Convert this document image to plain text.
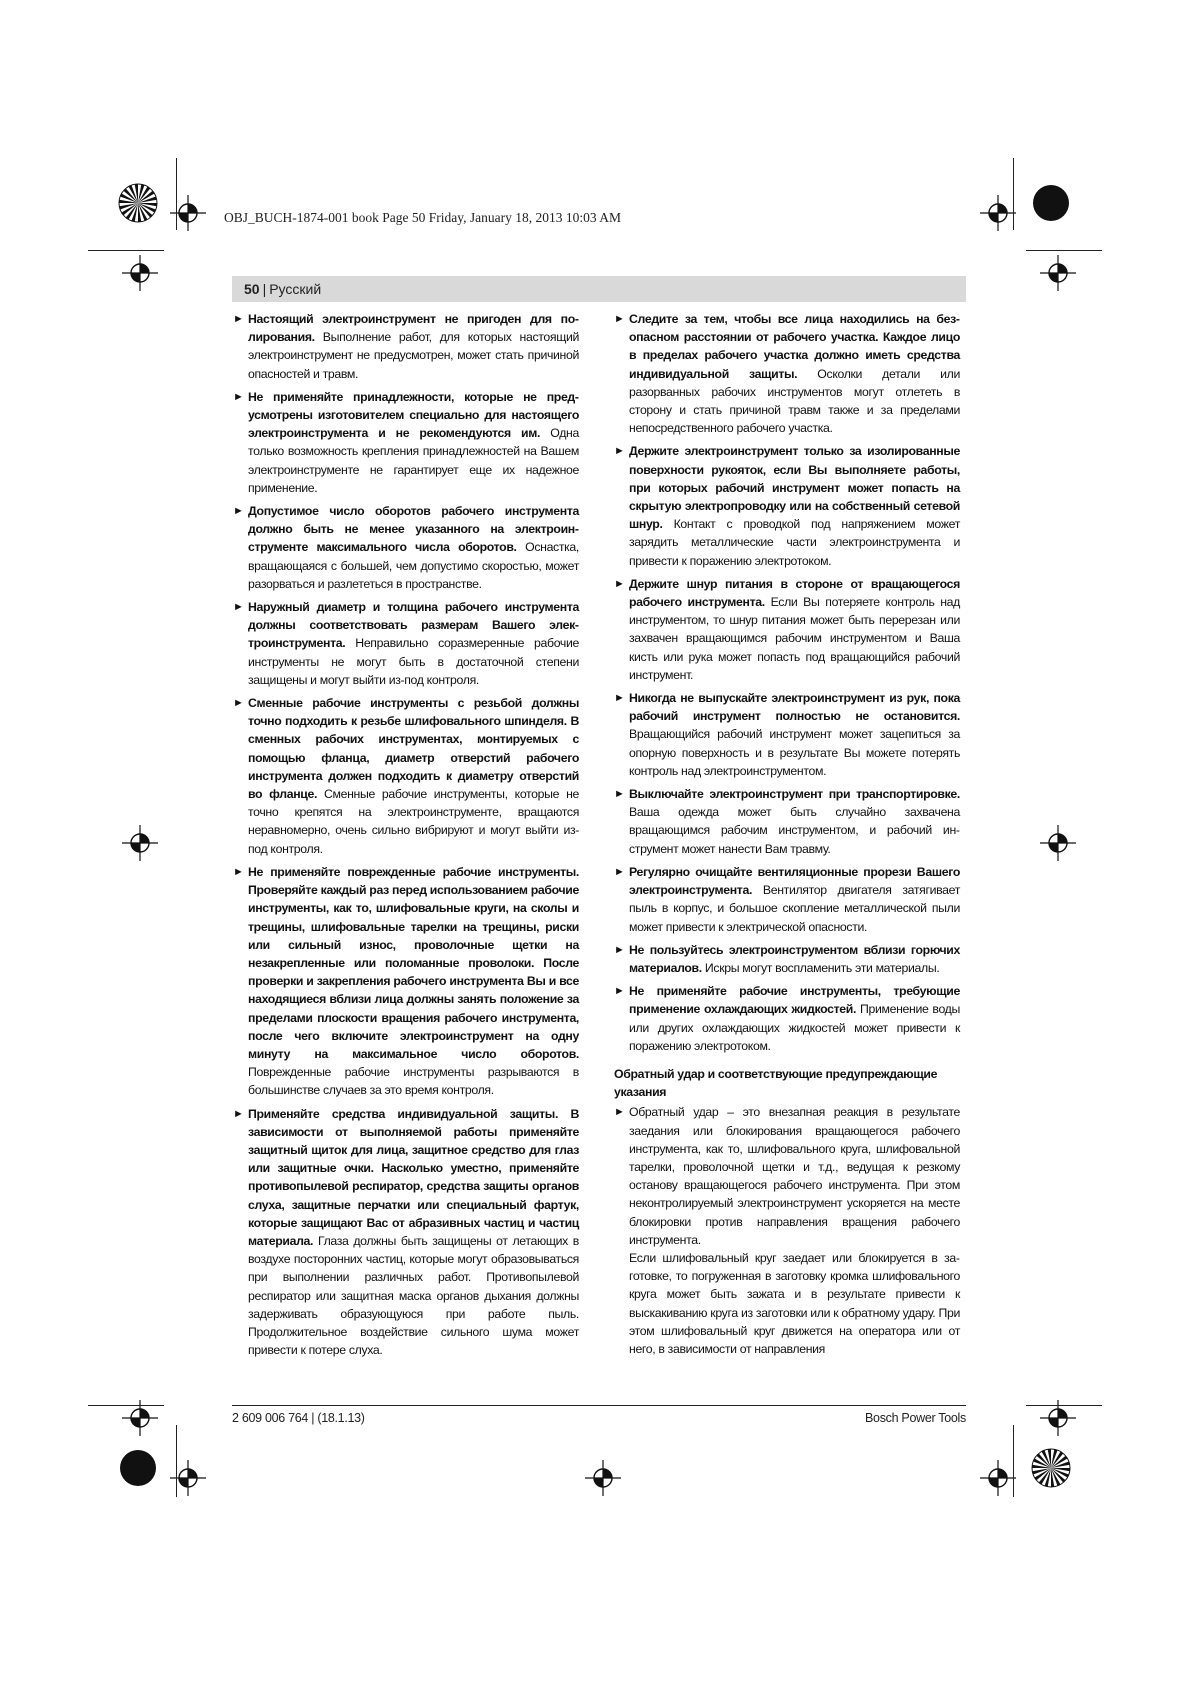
OBJ_BUCH-1874-001 book Page 50 Friday, January 18, 2013 10:03 AM
50 | Русский

► Настоящий электроинструмент не пригоден для полирования. Выполнение работ, для которых настоящий электроинструмент не предусмотрен, может стать причиной опасностей и травм.

► Не применяйте принадлежности, которые не предусмотрены изготовителем специально для настоящего электроинструмента и не рекомендуются им. Одна только возможность крепления принадлежностей на Вашем электроинструменте не гарантирует еще их надежное применение.

► Допустимое число оборотов рабочего инструмента должно быть не менее указанного на электроинструменте максимального числа оборотов. Оснастка, вращающаяся с большей, чем допустимо скоростью, может разорваться и разлететься в пространстве.

► Наружный диаметр и толщина рабочего инструмента должны соответствовать размерам Вашего электроинструмента. Неправильно соразмеренные рабочие инструменты не могут быть в достаточной степени защищены и могут выйти из-под контроля.

► Сменные рабочие инструменты с резьбой должны точно подходить к резьбе шлифовального шпинделя. В сменных рабочих инструментах, монтируемых с помощью фланца, диаметр отверстий рабочего инструмента должен подходить к диаметру отверстий во фланце. Сменные рабочие инструменты, которые не точно крепятся на электроинструменте, вращаются неравномерно, очень сильно вибрируют и могут выйти из-под контроля.

► Не применяйте поврежденные рабочие инструменты. Проверяйте каждый раз перед использованием рабочие инструменты, как то, шлифовальные круги, на сколы и трещины, шлифовальные тарелки на трещины, риски или сильный износ, проволочные щетки на незакрепленные или поломанные проволоки. После проверки и закрепления рабочего инструмента Вы и все находящиеся вблизи лица должны занять положение за пределами плоскости вращения рабочего инструмента, после чего включите электроинструмент на одну минуту на максимальное число оборотов. Поврежденные рабочие инструменты разрываются в большинстве случаев за это время контроля.

► Применяйте средства индивидуальной защиты. В зависимости от выполняемой работы применяйте защитный щиток для лица, защитное средство для глаз или защитные очки. Насколько уместно, применяйте противопылевой респиратор, средства защиты органов слуха, защитные перчатки или специальный фартук, которые защищают Вас от абразивных частиц и частиц материала. Глаза должны быть защищены от летающих в воздухе посторонних частиц, которые могут образовываться при выполнении различных работ. Противопылевой респиратор или защитная маска органов дыхания должны задерживать образующуюся при работе пыль. Продолжительное воздействие сильного шума может привести к потере слуха.

► Следите за тем, чтобы все лица находились на безопасном расстоянии от рабочего участка. Каждое лицо в пределах рабочего участка должно иметь средства индивидуальной защиты. Осколки детали или разорванных рабочих инструментов могут отлететь в сторону и стать причиной травм также и за пределами непосредственного рабочего участка.

► Держите электроинструмент только за изолированные поверхности рукояток, если Вы выполняете работы, при которых рабочий инструмент может попасть на скрытую электропроводку или на собственный сетевой шнур. Контакт с проводкой под напряжением может зарядить металлические части электроинструмента и привести к поражению электротоком.

► Держите шнур питания в стороне от вращающегося рабочего инструмента. Если Вы потеряете контроль над инструментом, то шнур питания может быть перерезан или захвачен вращающимся рабочим инструментом и Ваша кисть или рука может попасть под вращающийся рабочий инструмент.

► Никогда не выпускайте электроинструмент из рук, пока рабочий инструмент полностью не остановится. Вращающийся рабочий инструмент может зацепиться за опорную поверхность и в результате Вы можете потерять контроль над электроинструментом.

► Выключайте электроинструмент при транспортировке. Ваша одежда может быть случайно захвачена вращающимся рабочим инструментом, и рабочий инструмент может нанести Вам травму.

► Регулярно очищайте вентиляционные прорези Вашего электроинструмента. Вентилятор двигателя затягивает пыль в корпус, и большое скопление металлической пыли может привести к электрической опасности.

► Не пользуйтесь электроинструментом вблизи горючих материалов. Искры могут воспламенить эти материалы.

► Не применяйте рабочие инструменты, требующие применение охлаждающих жидкостей. Применение воды или других охлаждающих жидкостей может привести к поражению электротоком.

Обратный удар и соответствующие предупреждающие указания

► Обратный удар – это внезапная реакция в результате заедания или блокирования вращающегося рабочего инструмента, как то, шлифовального круга, шлифовальной тарелки, проволочной щетки и т.д., ведущая к резкому останову вращающегося рабочего инструмента. При этом неконтролируемый электроинструмент ускоряется на месте блокировки против направления вращения рабочего инструмента.

Если шлифовальный круг заедает или блокируется в заготовке, то погруженная в заготовку кромка шлифовального круга может быть зажата и в результате привести к выскакиванию круга из заготовки или к обратному удару. При этом шлифовальный круг движется на оператора или от него, в зависимости от направления

2 609 006 764 | (18.1.13)	Bosch Power Tools
